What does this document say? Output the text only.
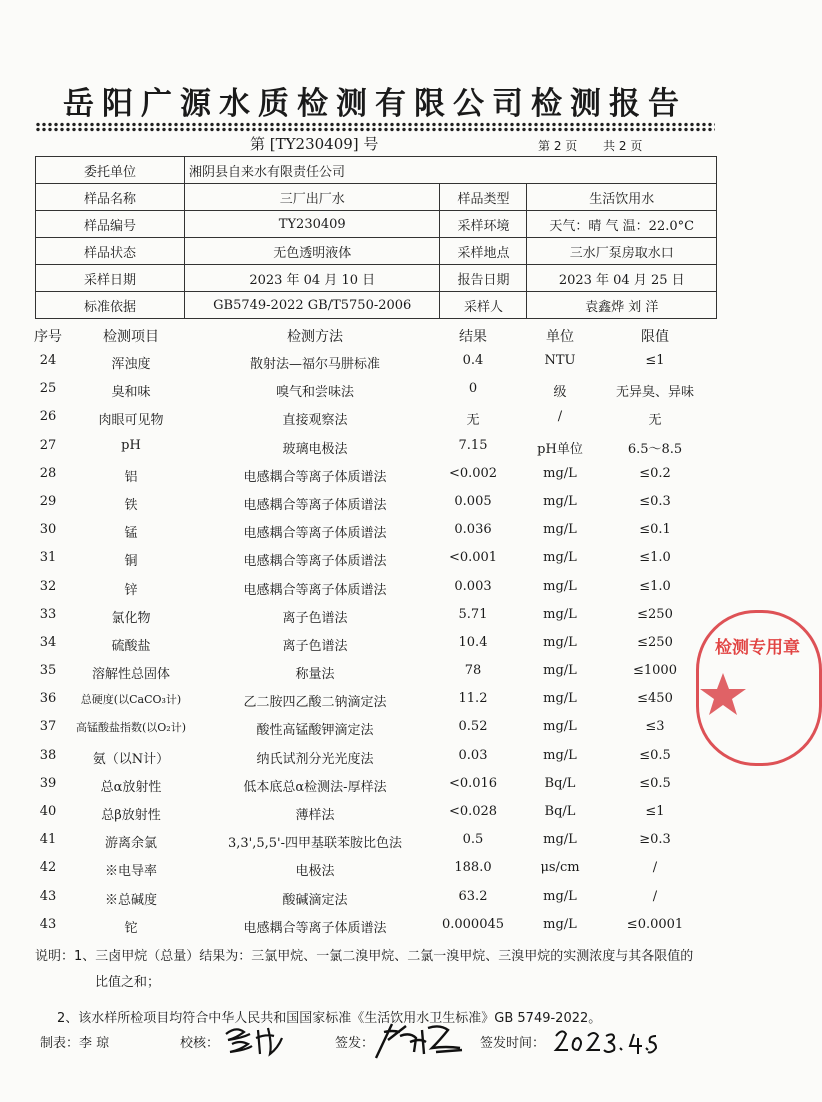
岳阳广源水质检测有限公司检测报告
第 [TY230409] 号	第 2 页 共 2 页
委托单位	湘阴县自来水有限责任公司		
样品名称	三厂出厂水	样品类型	生活饮用水
样品编号	TY230409	采样环境	天气：晴 气 温：22.0°C
样品状态	无色透明液体	采样地点	三水厂泵房取水口
采样日期	2023 年 04 月 10 日	报告日期	2023 年 04 月 25 日
标准依据	GB5749-2022 GB/T5750-2006	采样人	袁鑫烨 刘 洋
序号	检测项目	检测方法	结果	单位	限值
24	浑浊度	散射法—福尔马肼标准	0.4	NTU	≤1
25	臭和味	嗅气和尝味法	0	级	无异臭、异味
26	肉眼可见物	直接观察法	无	/	无
27	pH	玻璃电极法	7.15	pH单位	6.5～8.5
28	铝	电感耦合等离子体质谱法	<0.002	mg/L	≤0.2
29	铁	电感耦合等离子体质谱法	0.005	mg/L	≤0.3
30	锰	电感耦合等离子体质谱法	0.036	mg/L	≤0.1
31	铜	电感耦合等离子体质谱法	<0.001	mg/L	≤1.0
32	锌	电感耦合等离子体质谱法	0.003	mg/L	≤1.0
33	氯化物	离子色谱法	5.71	mg/L	≤250
34	硫酸盐	离子色谱法	10.4	mg/L	≤250
35	溶解性总固体	称量法	78	mg/L	≤1000
36	总硬度(以CaCO₃计)	乙二胺四乙酸二钠滴定法	11.2	mg/L	≤450
37	高锰酸盐指数(以O₂计)	酸性高锰酸钾滴定法	0.52	mg/L	≤3
38	氨（以N计）	纳氏试剂分光光度法	0.03	mg/L	≤0.5
39	总α放射性	低本底总α检测法-厚样法	<0.016	Bq/L	≤0.5
40	总β放射性	薄样法	<0.028	Bq/L	≤1
41	游离余氯	3,3',5,5'-四甲基联苯胺比色法	0.5	mg/L	≥0.3
42	※电导率	电极法	188.0	μs/cm	/
43	※总碱度	酸碱滴定法	63.2	mg/L	/
43	铊	电感耦合等离子体质谱法	0.000045	mg/L	≤0.0001
说明：1、三卤甲烷（总量）结果为：三氯甲烷、一氯二溴甲烷、二氯一溴甲烷、三溴甲烷的实测浓度与其各限值的
比值之和；
2、该水样所检项目均符合中华人民共和国国家标准《生活饮用水卫生标准》GB 5749-2022。
制表：李 琼	校核：	签发：	签发时间：
检测专用章
